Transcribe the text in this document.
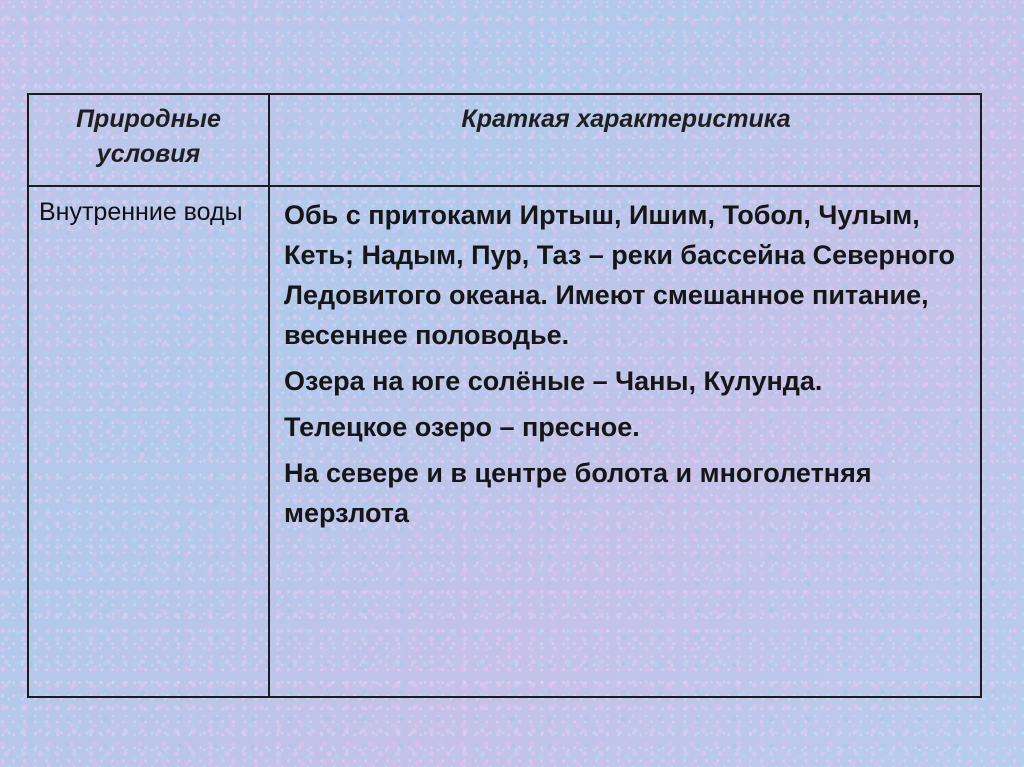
Природные условия
Краткая характеристика
Внутренние воды	Обь с притоками Иртыш, Ишим, Тобол, Чулым, Кеть; Надым, Пур, Таз – реки бассейна Северного Ледовитого океана. Имеют смешанное питание, весеннее половодье.

Озера на юге солёные – Чаны, Кулунда.

Телецкое озеро – пресное.

На севере и в центре болота и многолетняя мерзлота
